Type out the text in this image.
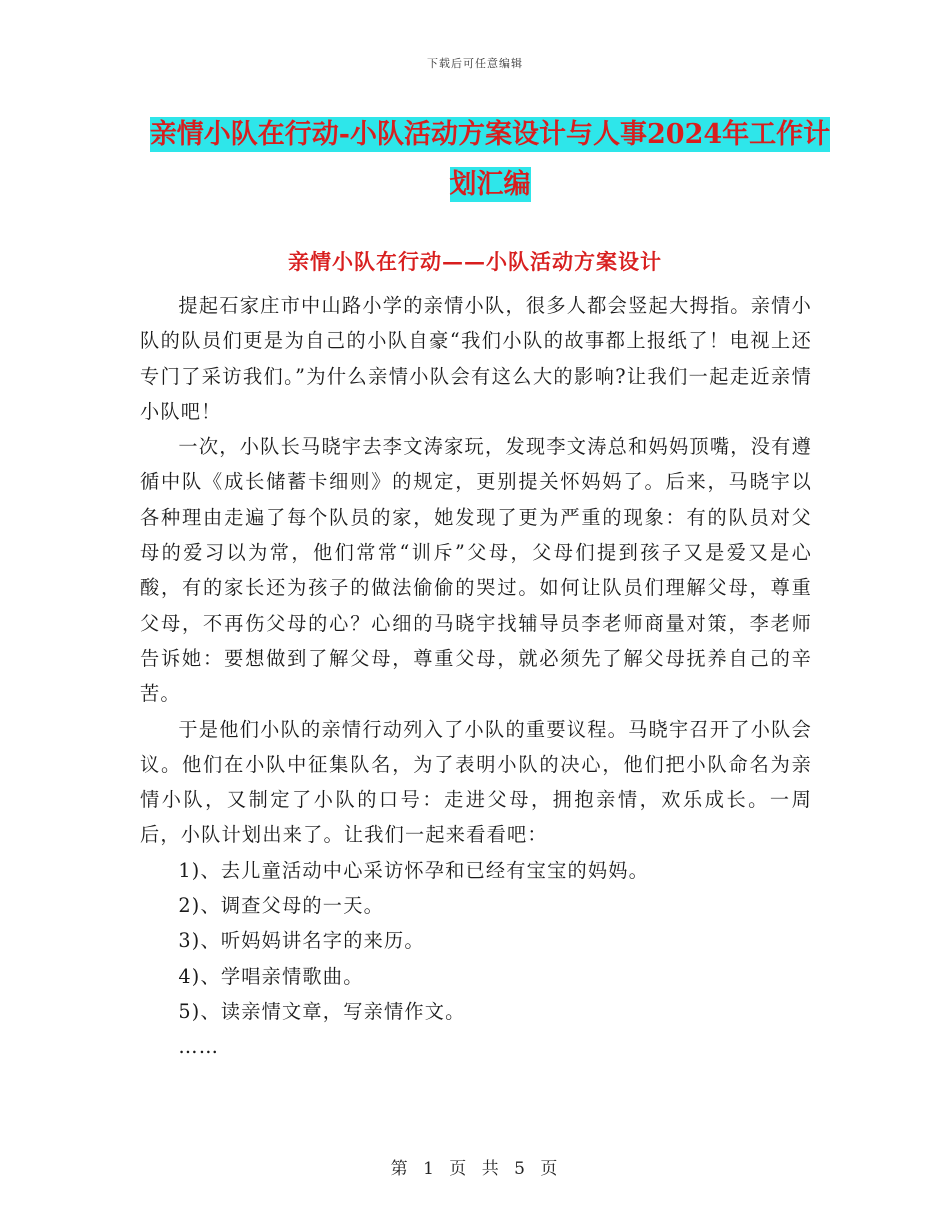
下载后可任意编辑
亲情小队在行动-小队活动方案设计与人事2024年工作计划汇编
亲情小队在行动——小队活动方案设计

提起石家庄市中山路小学的亲情小队，很多人都会竖起大拇指。亲情小队的队员们更是为自己的小队自豪“我们小队的故事都上报纸了！电视上还专门了采访我们。”为什么亲情小队会有这么大的影响?让我们一起走近亲情小队吧！

一次，小队长马晓宇去李文涛家玩，发现李文涛总和妈妈顶嘴，没有遵循中队《成长储蓄卡细则》的规定，更别提关怀妈妈了。后来，马晓宇以各种理由走遍了每个队员的家，她发现了更为严重的现象：有的队员对父母的爱习以为常，他们常常“训斥”父母，父母们提到孩子又是爱又是心酸，有的家长还为孩子的做法偷偷的哭过。如何让队员们理解父母，尊重父母，不再伤父母的心？心细的马晓宇找辅导员李老师商量对策，李老师告诉她：要想做到了解父母，尊重父母，就必须先了解父母抚养自己的辛苦。

于是他们小队的亲情行动列入了小队的重要议程。马晓宇召开了小队会议。他们在小队中征集队名，为了表明小队的决心，他们把小队命名为亲情小队，又制定了小队的口号：走进父母，拥抱亲情，欢乐成长。一周后，小队计划出来了。让我们一起来看看吧：

1)、去儿童活动中心采访怀孕和已经有宝宝的妈妈。

2)、调查父母的一天。

3)、听妈妈讲名字的来历。

4)、学唱亲情歌曲。

5)、读亲情文章，写亲情作文。

……

第 1 页 共 5 页
